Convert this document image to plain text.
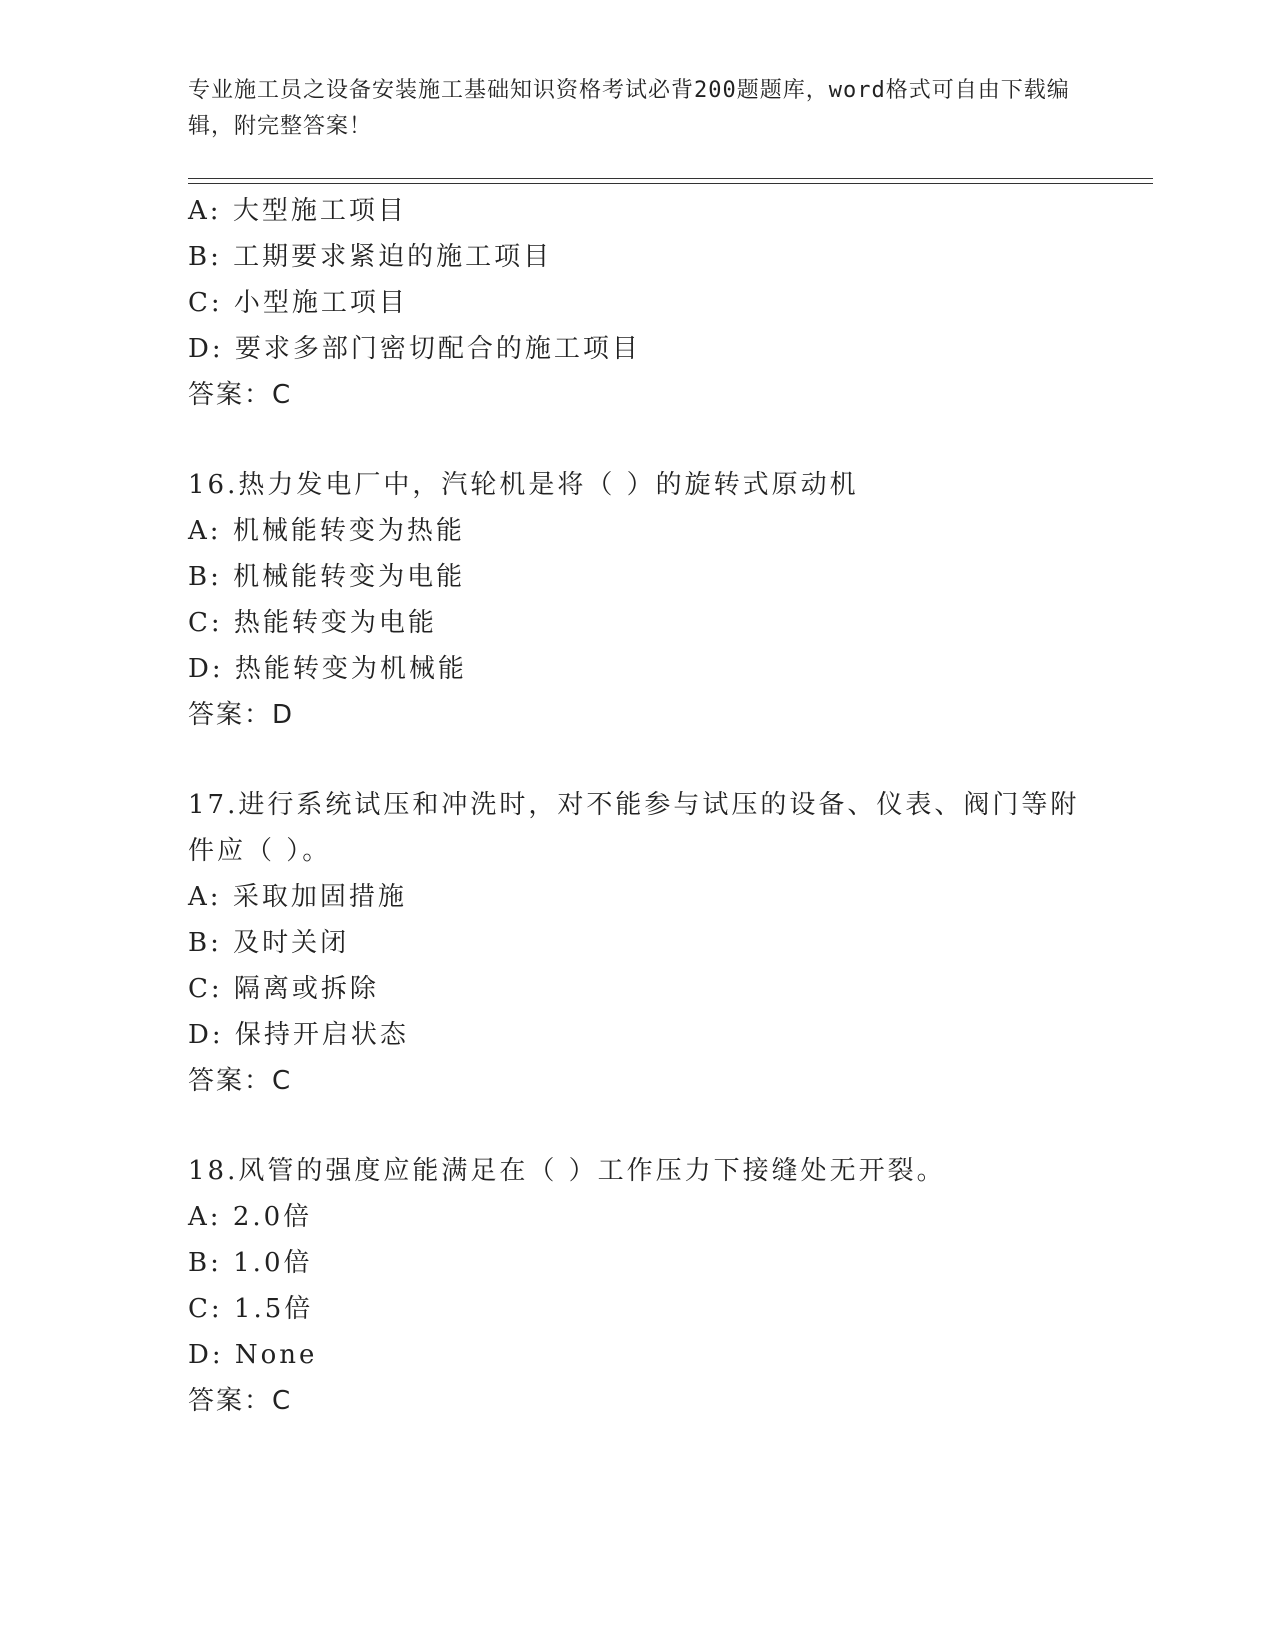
专业施工员之设备安装施工基础知识资格考试必背200题题库，word格式可自由下载编辑，附完整答案！
A: 大型施工项目
B: 工期要求紧迫的施工项目
C: 小型施工项目
D: 要求多部门密切配合的施工项目
答案：C
16.热力发电厂中，汽轮机是将（ ）的旋转式原动机
A: 机械能转变为热能
B: 机械能转变为电能
C: 热能转变为电能
D: 热能转变为机械能
答案：D
17.进行系统试压和冲洗时，对不能参与试压的设备、仪表、阀门等附件应（ ）。
A: 采取加固措施
B: 及时关闭
C: 隔离或拆除
D: 保持开启状态
答案：C
18.风管的强度应能满足在（ ）工作压力下接缝处无开裂。
A: 2.0倍
B: 1.0倍
C: 1.5倍
D: None
答案：C
